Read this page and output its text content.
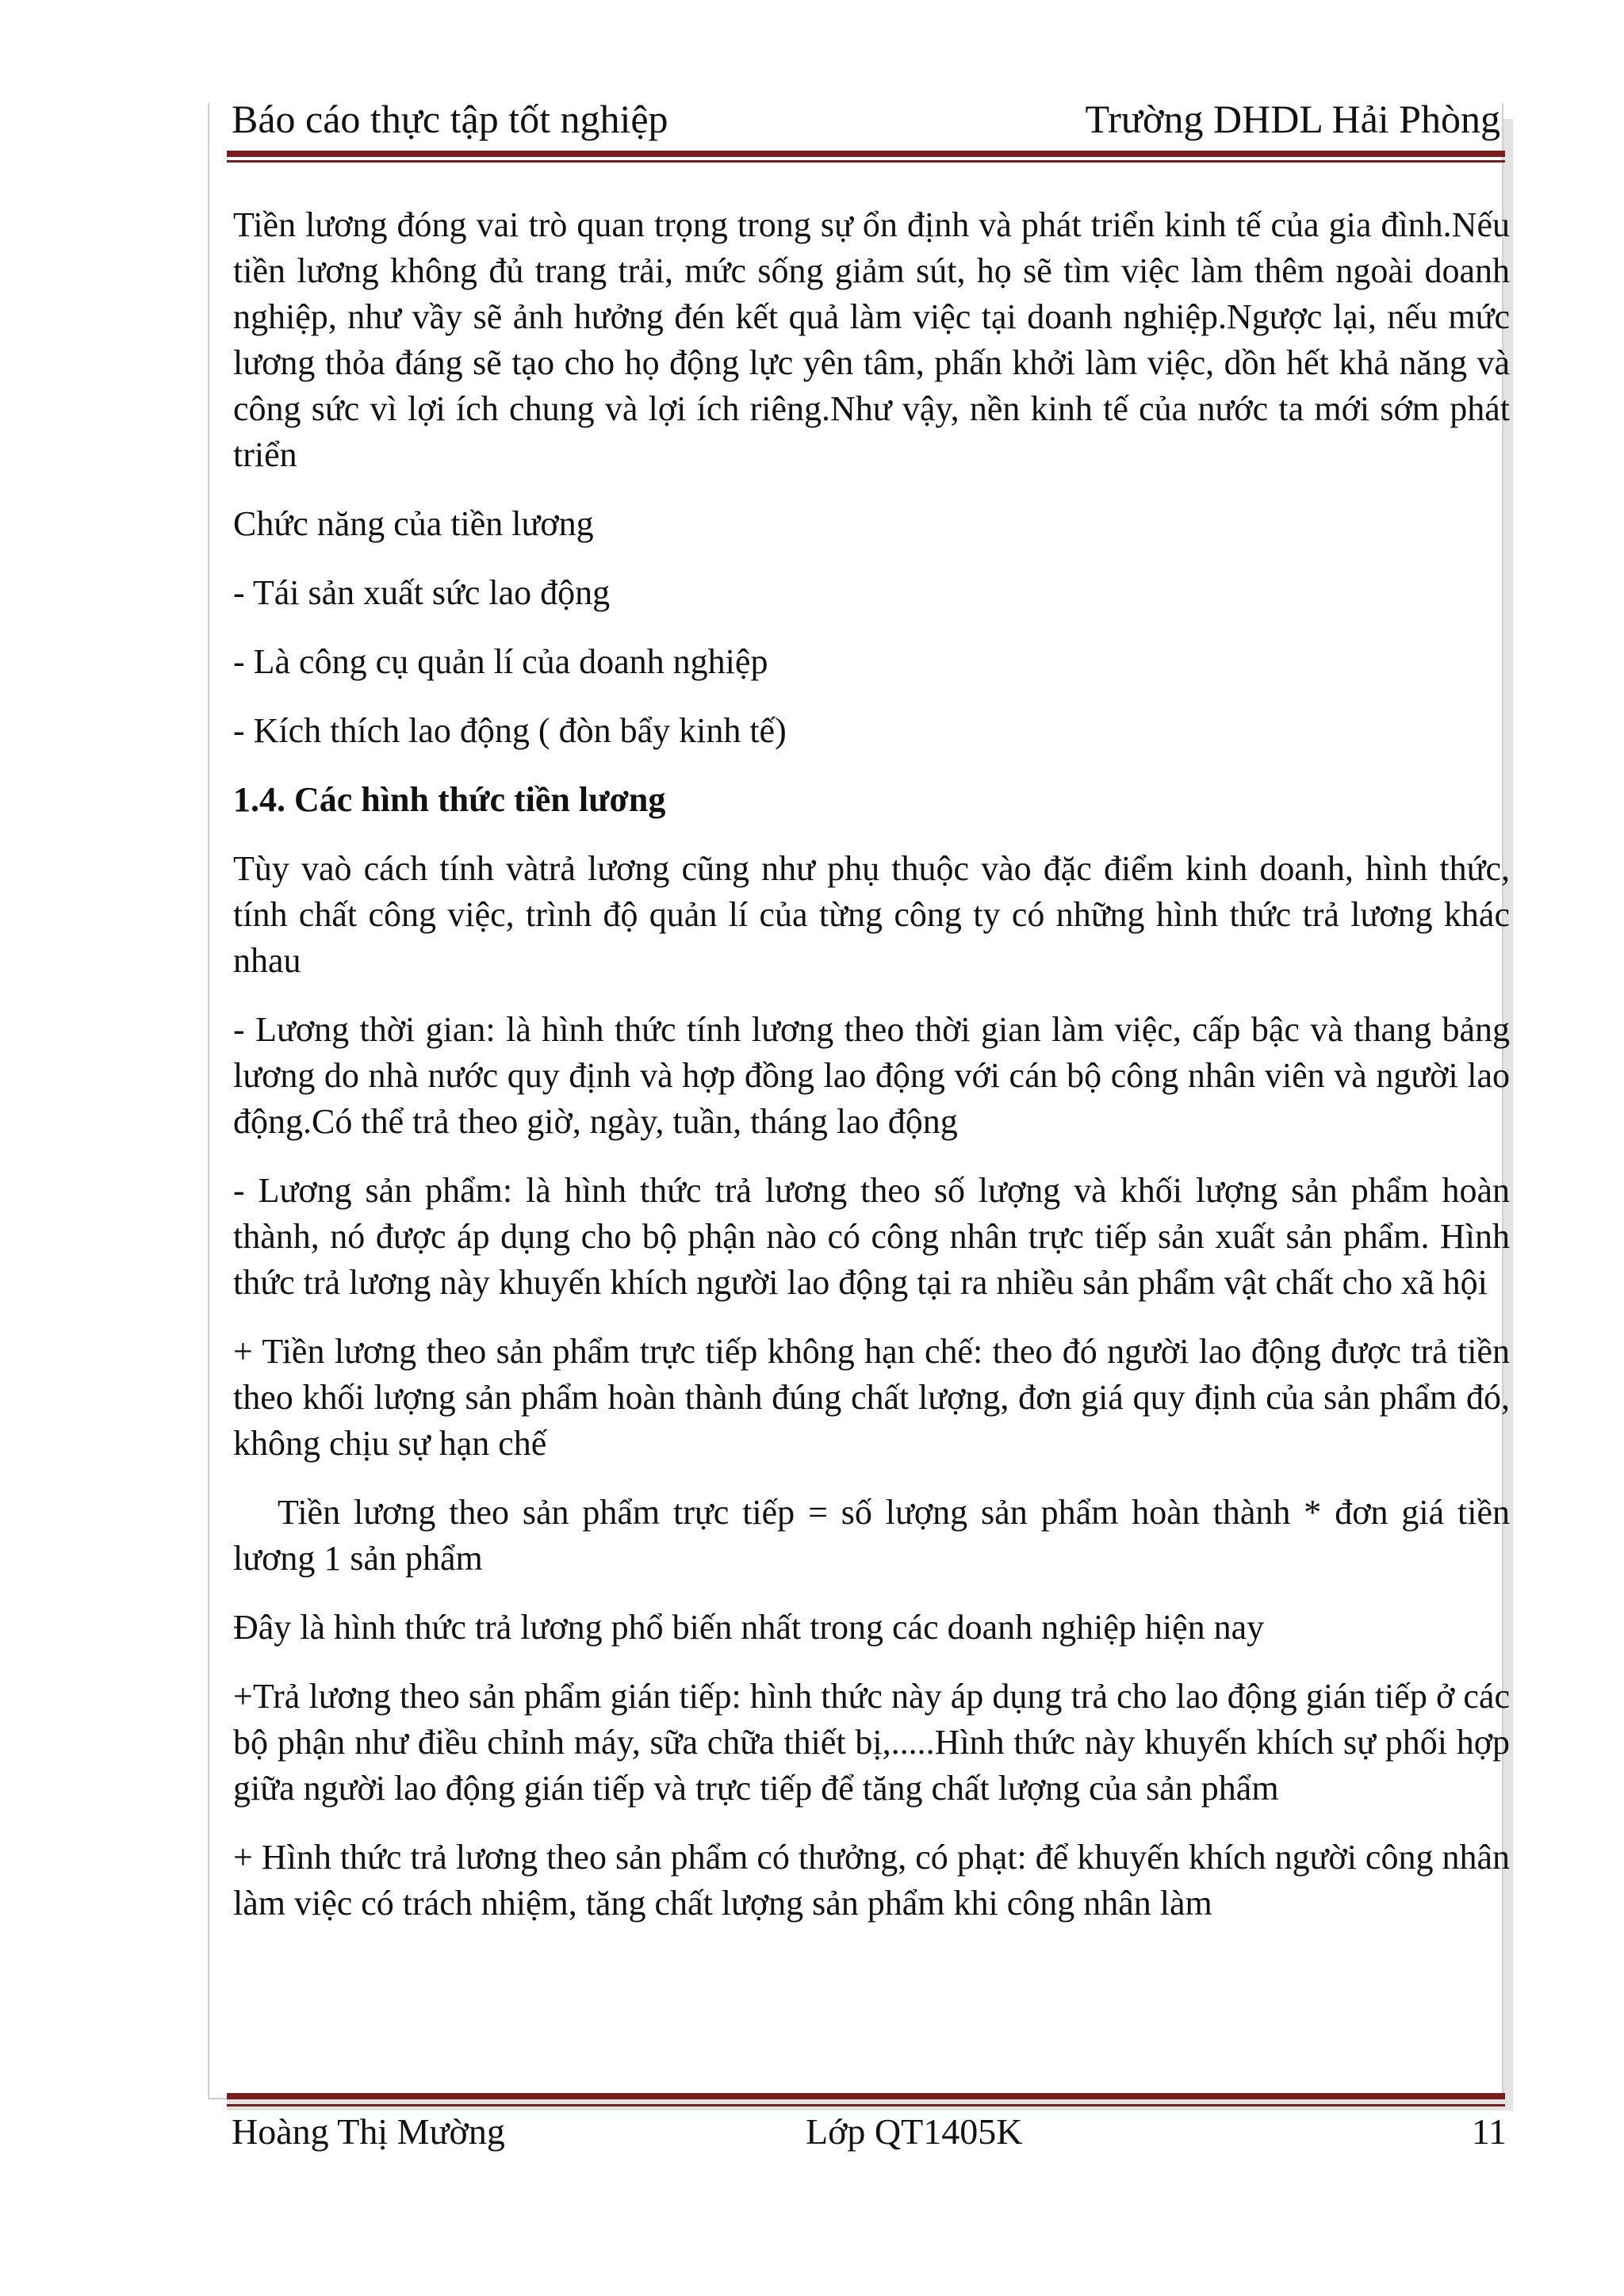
Báo cáo thực tập tốt nghiệp	Trường DHDL Hải Phòng

Tiền lương đóng vai trò quan trọng trong sự ổn định và phát triển kinh tế của gia đình.Nếu tiền lương không đủ trang trải, mức sống giảm sút, họ sẽ tìm việc làm thêm ngoài doanh nghiệp, như vầy sẽ ảnh hưởng đén kết quả làm việc tại doanh nghiệp.Ngược lại, nếu mức lương thỏa đáng sẽ tạo cho họ động lực yên tâm, phấn khởi làm việc, dồn hết khả năng và công sức vì lợi ích chung và lợi ích riêng.Như vậy, nền kinh tế của nước ta mới sớm phát triển

Chức năng của tiền lương

- Tái sản xuất sức lao động

- Là công cụ quản lí của doanh nghiệp

- Kích thích lao động ( đòn bẩy kinh tế)

1.4. Các hình thức tiền lương

Tùy vaò cách tính vàtrả lương cũng như phụ thuộc vào đặc điểm kinh doanh, hình thức, tính chất công việc, trình độ quản lí của từng công ty có những hình thức trả lương khác nhau

- Lương thời gian: là hình thức tính lương theo thời gian làm việc, cấp bậc và thang bảng lương do nhà nước quy định và hợp đồng lao động với cán bộ công nhân viên và người lao động.Có thể trả theo giờ, ngày, tuần, tháng lao động

- Lương sản phẩm: là hình thức trả lương theo số lượng và khối lượng sản phẩm hoàn thành, nó được áp dụng cho bộ phận nào có công nhân trực tiếp sản xuất sản phẩm. Hình thức trả lương này khuyến khích người lao động tại ra nhiều sản phẩm vật chất cho xã hội

+ Tiền lương theo sản phẩm trực tiếp không hạn chế: theo đó người lao động được trả tiền theo khối lượng sản phẩm hoàn thành đúng chất lượng, đơn giá quy định của sản phẩm đó, không chịu sự hạn chế

Tiền lương theo sản phẩm trực tiếp = số lượng sản phẩm hoàn thành * đơn giá tiền lương 1 sản phẩm

Đây là hình thức trả lương phổ biến nhất trong các doanh nghiệp hiện nay

+Trả lương theo sản phẩm gián tiếp: hình thức này áp dụng trả cho lao động gián tiếp ở các bộ phận như điều chỉnh máy, sữa chữa thiết bị,.....Hình thức này khuyến khích sự phối hợp giữa người lao động gián tiếp và trực tiếp để tăng chất lượng của sản phẩm

+ Hình thức trả lương theo sản phẩm có thưởng, có phạt: để khuyến khích người công nhân làm việc có trách nhiệm, tăng chất lượng sản phẩm khi công nhân làm

Hoàng Thị Mường	Lớp QT1405K	11
